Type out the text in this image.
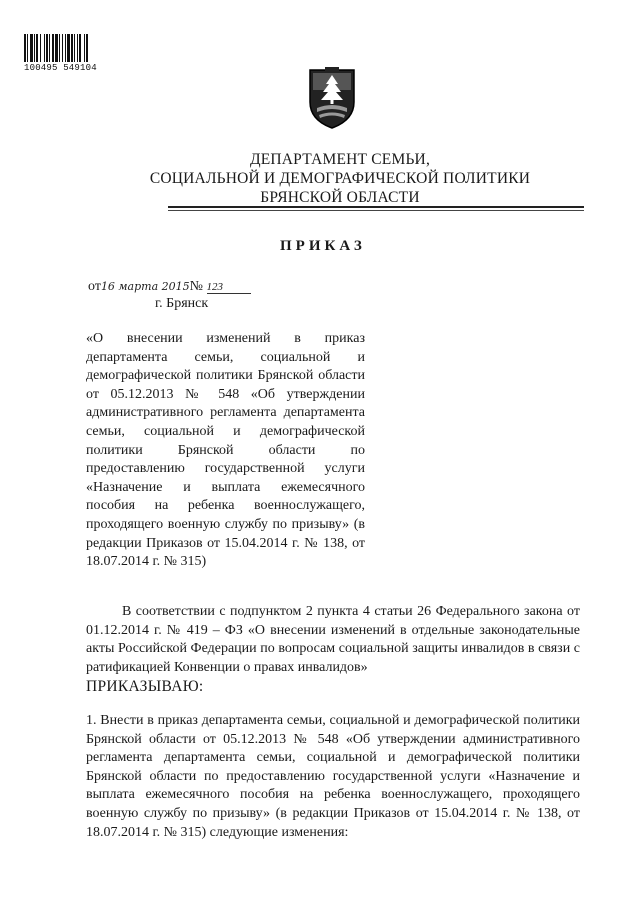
100495 549104
ДЕПАРТАМЕНТ СЕМЬИ,
СОЦИАЛЬНОЙ И ДЕМОГРАФИЧЕСКОЙ ПОЛИТИКИ
БРЯНСКОЙ ОБЛАСТИ
ПРИКАЗ
от16 марта 2015№ 123
г. Брянск
«О внесении изменений в приказ департамента семьи, социальной и демографической политики Брянской области от 05.12.2013 № 548 «Об утверждении административного регламента департамента семьи, социальной и демографической политики Брянской области по предоставлению государственной услуги «Назначение и выплата ежемесячного пособия на ребенка военнослужащего, проходящего военную службу по призыву» (в редакции Приказов от 15.04.2014 г. № 138, от 18.07.2014 г. № 315)
В соответствии с подпунктом 2 пункта 4 статьи 26 Федерального закона от 01.12.2014 г. № 419 – ФЗ «О внесении изменений в отдельные законодательные акты Российской Федерации по вопросам социальной защиты инвалидов в связи с ратификацией Конвенции о правах инвалидов»
ПРИКАЗЫВАЮ:
1. Внести в приказ департамента семьи, социальной и демографической политики Брянской области от 05.12.2013 № 548 «Об утверждении административного регламента департамента семьи, социальной и демографической политики Брянской области по предоставлению государственной услуги «Назначение и выплата ежемесячного пособия на ребенка военнослужащего, проходящего военную службу по призыву» (в редакции Приказов от 15.04.2014 г. № 138, от 18.07.2014 г. № 315) следующие изменения:
